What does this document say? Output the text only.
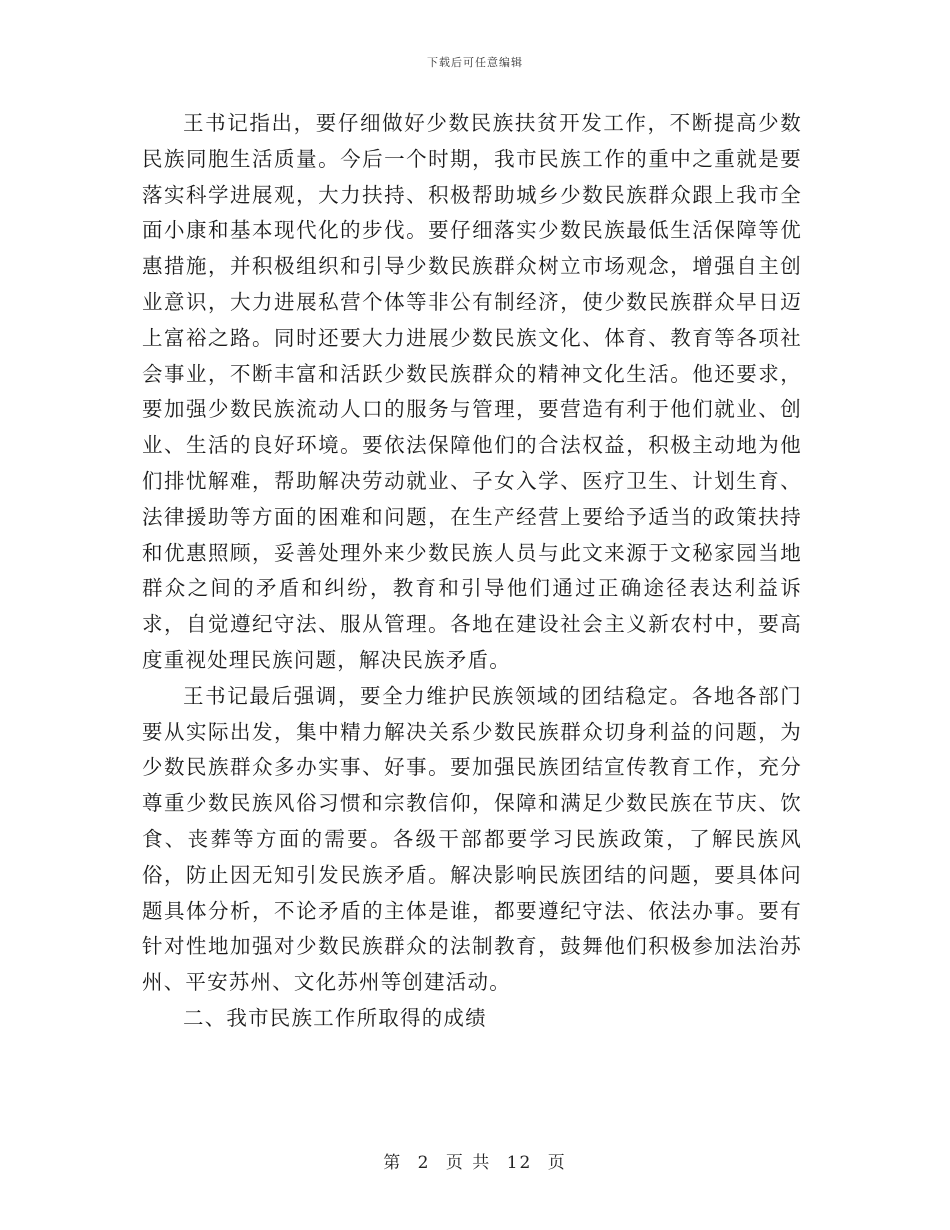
下载后可任意编辑

王书记指出，要仔细做好少数民族扶贫开发工作，不断提高少数民族同胞生活质量。今后一个时期，我市民族工作的重中之重就是要落实科学进展观，大力扶持、积极帮助城乡少数民族群众跟上我市全面小康和基本现代化的步伐。要仔细落实少数民族最低生活保障等优惠措施，并积极组织和引导少数民族群众树立市场观念，增强自主创业意识，大力进展私营个体等非公有制经济，使少数民族群众早日迈上富裕之路。同时还要大力进展少数民族文化、体育、教育等各项社会事业，不断丰富和活跃少数民族群众的精神文化生活。他还要求，要加强少数民族流动人口的服务与管理，要营造有利于他们就业、创业、生活的良好环境。要依法保障他们的合法权益，积极主动地为他们排忧解难，帮助解决劳动就业、子女入学、医疗卫生、计划生育、法律援助等方面的困难和问题，在生产经营上要给予适当的政策扶持和优惠照顾，妥善处理外来少数民族人员与此文来源于文秘家园当地群众之间的矛盾和纠纷，教育和引导他们通过正确途径表达利益诉求，自觉遵纪守法、服从管理。各地在建设社会主义新农村中，要高度重视处理民族问题，解决民族矛盾。

王书记最后强调，要全力维护民族领域的团结稳定。各地各部门要从实际出发，集中精力解决关系少数民族群众切身利益的问题，为少数民族群众多办实事、好事。要加强民族团结宣传教育工作，充分尊重少数民族风俗习惯和宗教信仰，保障和满足少数民族在节庆、饮食、丧葬等方面的需要。各级干部都要学习民族政策，了解民族风俗，防止因无知引发民族矛盾。解决影响民族团结的问题，要具体问题具体分析，不论矛盾的主体是谁，都要遵纪守法、依法办事。要有针对性地加强对少数民族群众的法制教育，鼓舞他们积极参加法治苏州、平安苏州、文化苏州等创建活动。

二、我市民族工作所取得的成绩

第 2 页 共 12 页
